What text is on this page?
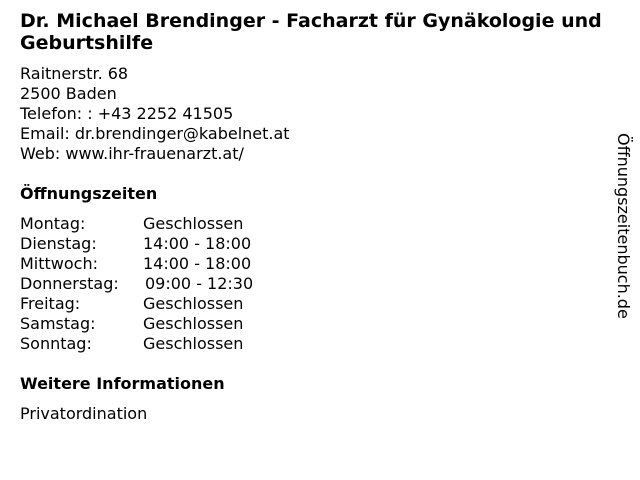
Dr. Michael Brendinger - Facharzt für Gynäkologie und Geburtshilfe
Raitnerstr. 68
2500 Baden
Telefon: : +43 2252 41505
Email: dr.brendinger@kabelnet.at
Web: www.ihr-frauenarzt.at/
Öffnungszeiten
Montag:	Geschlossen
Dienstag:	14:00 - 18:00
Mittwoch:	14:00 - 18:00
Donnerstag: 09:00 - 12:30
Freitag:	Geschlossen
Samstag:	Geschlossen
Sonntag:	Geschlossen
Weitere Informationen
Privatordination
Öffnungszeitenbuch.de
